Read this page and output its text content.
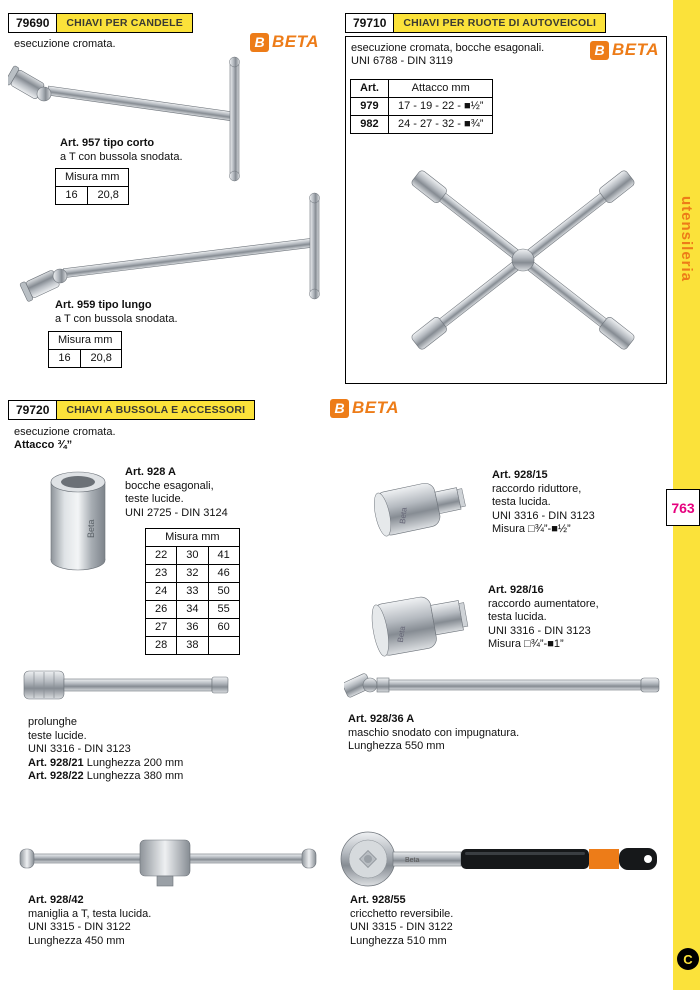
79690	CHIAVI PER CANDELE
esecuzione cromata.	B BETA
Art. 957 tipo corto
a T con bussola snodata.
Misura mm
16	20,8
Art. 959 tipo lungo
a T con bussola snodata.
Misura mm
16	20,8
79710	CHIAVI PER RUOTE DI AUTOVEICOLI
esecuzione cromata, bocche esagonali.
UNI 6788 - DIN 3119
B BETA
Art.	Attacco mm
979	17 - 19 - 22 - ■½”
982	24 - 27 - 32 - ■¾”
79720	CHIAVI A BUSSOLA E ACCESSORI	B BETA
esecuzione cromata.
Attacco ¾”
Beta
Art. 928 A
bocche esagonali,
teste lucide.
UNI 2725 - DIN 3124
Misura mm		
22	30	41
23	32	46
24	33	50
26	34	55
27	36	60
28	38	
Beta
Art. 928/15
raccordo riduttore,
testa lucida.
UNI 3316 - DIN 3123
Misura □¾”-■½”
Beta
Art. 928/16
raccordo aumentatore,
testa lucida.
UNI 3316 - DIN 3123
Misura □¾”-■1”
prolunghe
teste lucide.
UNI 3316 - DIN 3123
Art. 928/21 Lunghezza 200 mm
Art. 928/22 Lunghezza 380 mm
Art. 928/36 A
maschio snodato con impugnatura.
Lunghezza 550 mm
Art. 928/42
maniglia a T, testa lucida.
UNI 3315 - DIN 3122
Lunghezza 450 mm
Beta
Art. 928/55
cricchetto reversibile.
UNI 3315 - DIN 3122
Lunghezza 510 mm
utensileria
763
C
